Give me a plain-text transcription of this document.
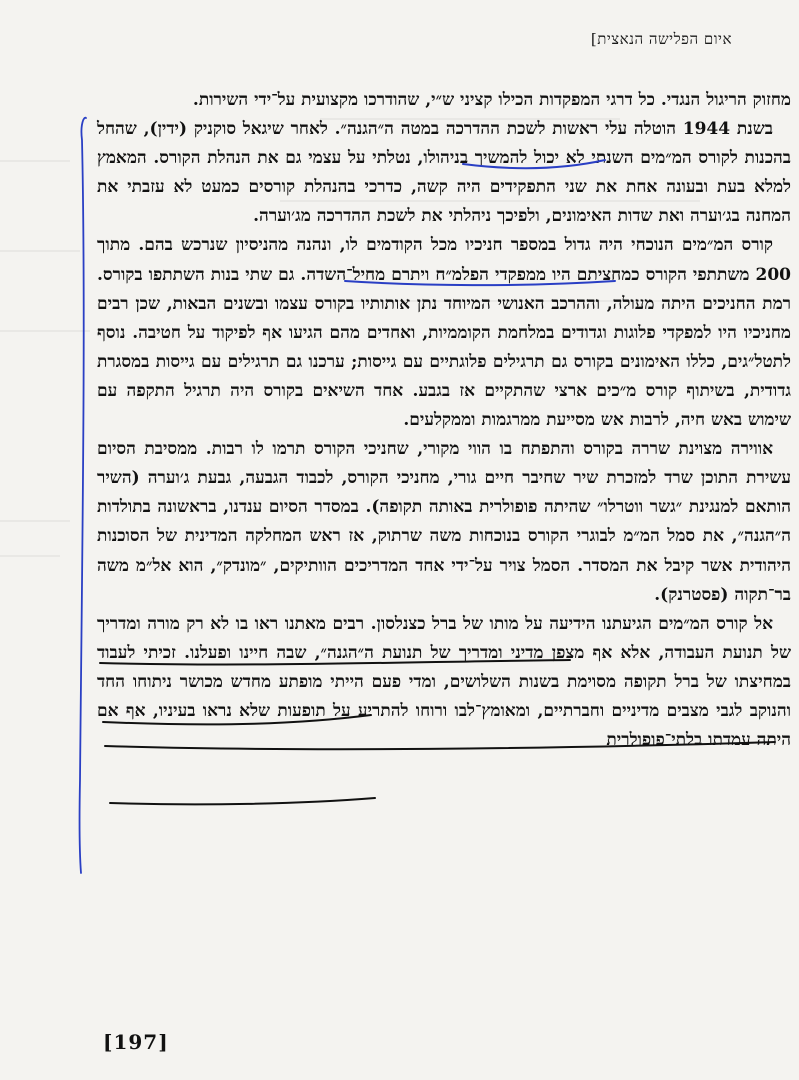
איום הפלישה הנאצית]

מחזוק הריגול הנגדי. כל דרגי המפקדות הכילו קציני ש״י, שהודרכו מקצועית על־ידי השירות.

בשנת 1944 הוטלה עלי ראשות לשכת ההדרכה במטה ה״הגנה״. לאחר שיגאל סוקניק (ידין), שהחל בהכנות לקורס המ״מים השנתי לא יכול להמשיך בניהולו, נטלתי על עצמי גם את הנהלת הקורס. המאמץ למלא בעת ובעונה אחת את שני התפקידים היה קשה, כדרכי בהנהלת קורסים כמעט לא עזבתי את המחנה בג׳וערה ואת שדות האימונים, ולפיכך ניהלתי את לשכת ההדרכה מג׳וערה.

קורס המ״מים הנוכחי היה גדול במספר חניכיו מכל הקודמים לו, ונהנה מהניסיון שנרכש בהם. מתוך 200 משתתפי הקורס כמחציתם היו ממפקדי הפלמ״ח ויתרם מחיל־השדה. גם שתי בנות השתתפו בקורס. רמת החניכים היתה מעולה, וההרכב האנושי המיוחד נתן אותותיו בקורס עצמו ובשנים הבאות, שכן רבים מחניכיו היו למפקדי פלוגות וגדודים במלחמת הקוממיות, ואחדים מהם הגיעו אף לפיקוד על חטיבה. נוסף לתטל״גים, כללו האימונים בקורס גם תרגילים פלוגתיים עם גייסות; ערכנו גם תרגילים עם גייסות במסגרת גדודית, בשיתוף קורס מ״כים ארצי שהתקיים אז בגבע. אחד השיאים בקורס היה תרגיל התקפה עם שימוש באש חיה, לרבות אש מסייעת ממרגמות וממקלעים.

אווירה מצוינת שררה בקורס והתפתח בו הווי מקורי, שחניכי הקורס תרמו לו רבות. ממסיבת הסיום עשירת התוכן שרד למזכרת שיר שחיבר חיים גורי, מחניכי הקורס, לכבוד הגבעה, גבעת ג׳וערה (השיר הותאם למנגינת ״גשר ווטרלו״ שהיתה פופולרית באותה תקופה). במסדר הסיום ענדנו, בראשונה בתולדות ה״הגנה״, את סמל המ״מ לבוגרי הקורס בנוכחות משה שרתוק, אז ראש המחלקה המדינית של הסוכנות היהודית אשר קיבל את המסדר. הסמל צויר על־ידי אחד המדריכים הוותיקים, ״מונדק״, הוא אל״מ משה בר־תקוה (פסטרנק).

אל קורס המ״מים הגיעתנו הידיעה על מותו של ברל כצנלסון. רבים מאתנו ראו בו לא רק מורה ומדריך של תנועת העבודה, אלא אף מצפן מדיני ומדריך של תנועת ה״הגנה״, שבה חיינו ופעלנו. זכיתי לעבוד במחיצתו של ברל תקופה מסוימת בשנות השלושים, ומדי פעם הייתי מופתע מחדש מכושר ניתוחו החד והנוקב לגבי מצבים מדיניים וחברתיים, ומאומץ־לבו ורוחו להתריע על תופעות שלא נראו בעיניו, אף אם היתה עמדתו בלתי־פופולרית

[197]
